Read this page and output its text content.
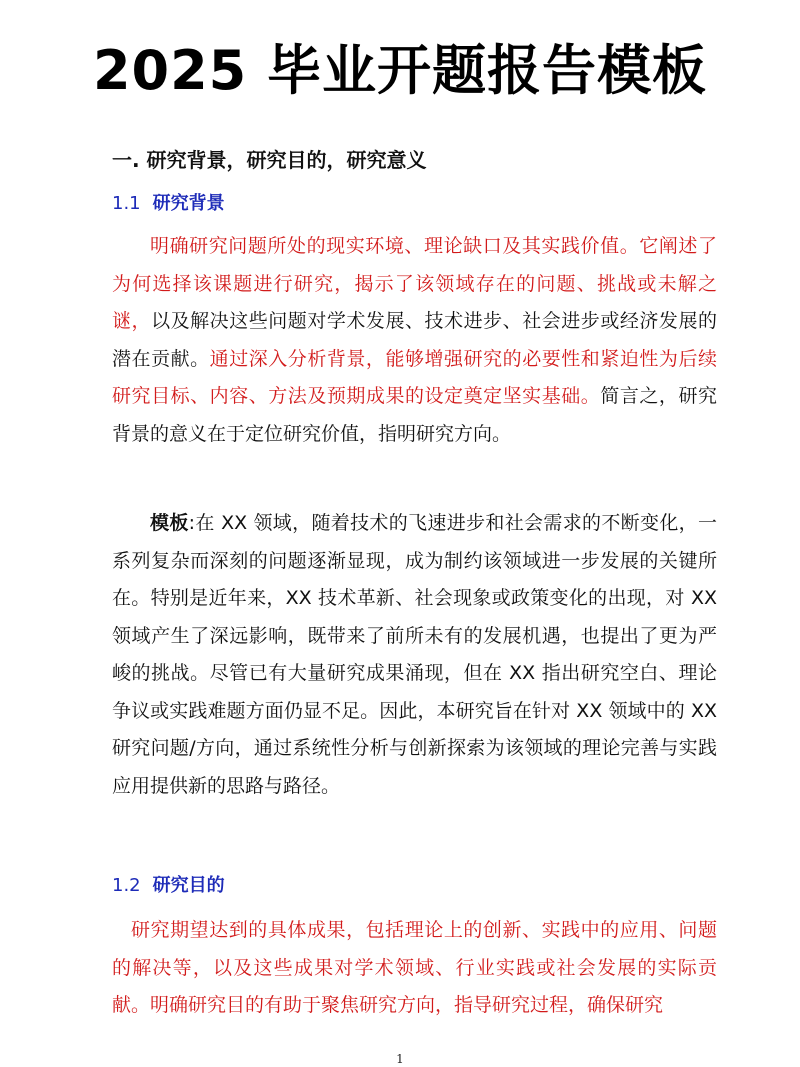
2025 毕业开题报告模板
一. 研究背景，研究目的，研究意义
1.1 研究背景
明确研究问题所处的现实环境、理论缺口及其实践价值。它阐述了为何选择该课题进行研究，揭示了该领域存在的问题、挑战或未解之谜，以及解决这些问题对学术发展、技术进步、社会进步或经济发展的潜在贡献。通过深入分析背景，能够增强研究的必要性和紧迫性为后续研究目标、内容、方法及预期成果的设定奠定坚实基础。简言之，研究背景的意义在于定位研究价值，指明研究方向。
模板:在 XX 领域，随着技术的飞速进步和社会需求的不断变化，一系列复杂而深刻的问题逐渐显现，成为制约该领域进一步发展的关键所在。特别是近年来，XX 技术革新、社会现象或政策变化的出现，对 XX 领域产生了深远影响，既带来了前所未有的发展机遇，也提出了更为严峻的挑战。尽管已有大量研究成果涌现，但在 XX 指出研究空白、理论争议或实践难题方面仍显不足。因此，本研究旨在针对 XX 领域中的 XX 研究问题/方向，通过系统性分析与创新探索为该领域的理论完善与实践应用提供新的思路与路径。
1.2 研究目的
研究期望达到的具体成果，包括理论上的创新、实践中的应用、问题的解决等，以及这些成果对学术领域、行业实践或社会发展的实际贡献。明确研究目的有助于聚焦研究方向，指导研究过程，确保研究
1
